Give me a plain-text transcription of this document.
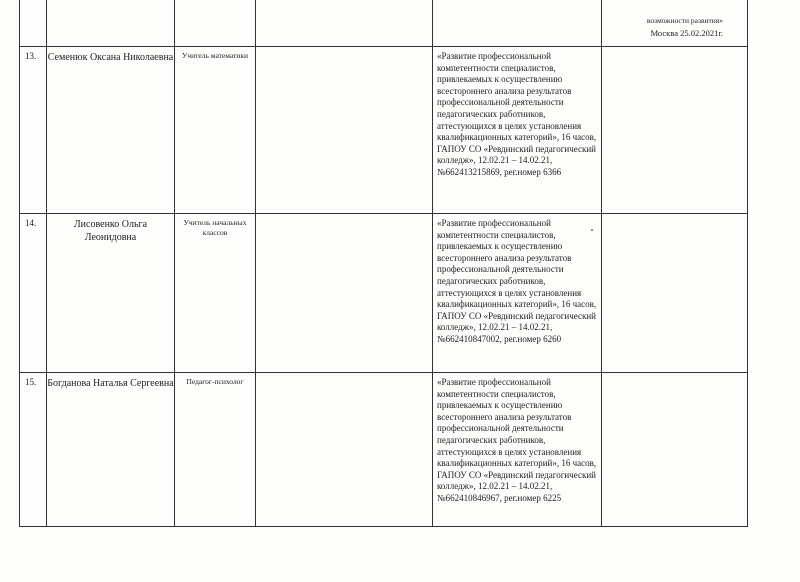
					возможности развития»
Москва 25.02.2021г.

13.	Семенюк Оксана Николаевна	Учитель математики		«Развитие профессиональной компетентности специалистов, привлекаемых к осуществлению всестороннего анализа результатов профессиональной деятельности педагогических работников, аттестующихся в целях установления квалификационных категорий», 16 часов, ГАПОУ СО «Ревдинский педагогический колледж», 12.02.21 – 14.02.21, №662413215869, рег.номер 6366	
14.	Лисовенко Ольга Леонидовна	Учитель начальных классов		«Развитие профессиональной компетентности специалистов, привлекаемых к осуществлению всестороннего анализа результатов профессиональной деятельности педагогических работников, аттестующихся в целях установления квалификационных категорий», 16 часов, ГАПОУ СО «Ревдинский педагогический колледж», 12.02.21 – 14.02.21, №662410847002, рег.номер 6260	
15.	Богданова Наталья Сергеевна	Педагог-психолог		«Развитие профессиональной компетентности специалистов, привлекаемых к осуществлению всестороннего анализа результатов профессиональной деятельности педагогических работников, аттестующихся в целях установления квалификационных категорий», 16 часов, ГАПОУ СО «Ревдинский педагогический колледж», 12.02.21 – 14.02.21, №662410846967, рег.номер 6225	
